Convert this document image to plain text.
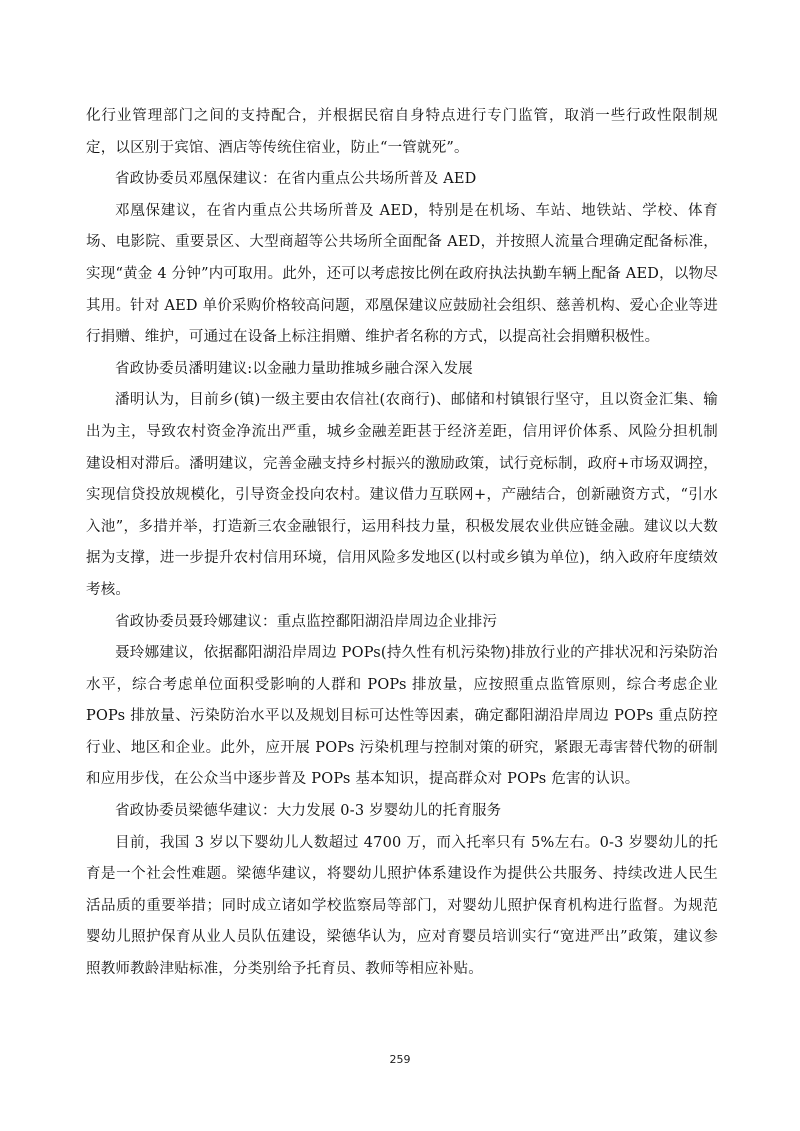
化行业管理部门之间的支持配合，并根据民宿自身特点进行专门监管，取消一些行政性限制规定，以区别于宾馆、酒店等传统住宿业，防止“一管就死”。

省政协委员邓凰保建议：在省内重点公共场所普及 AED

邓凰保建议，在省内重点公共场所普及 AED，特别是在机场、车站、地铁站、学校、体育场、电影院、重要景区、大型商超等公共场所全面配备 AED，并按照人流量合理确定配备标准，实现“黄金 4 分钟”内可取用。此外，还可以考虑按比例在政府执法执勤车辆上配备 AED，以物尽其用。针对 AED 单价采购价格较高问题，邓凰保建议应鼓励社会组织、慈善机构、爱心企业等进行捐赠、维护，可通过在设备上标注捐赠、维护者名称的方式，以提高社会捐赠积极性。

省政协委员潘明建议:以金融力量助推城乡融合深入发展

潘明认为，目前乡(镇)一级主要由农信社(农商行)、邮储和村镇银行坚守，且以资金汇集、输出为主，导致农村资金净流出严重，城乡金融差距甚于经济差距，信用评价体系、风险分担机制建设相对滞后。潘明建议，完善金融支持乡村振兴的激励政策，试行竞标制，政府+市场双调控，实现信贷投放规模化，引导资金投向农村。建议借力互联网+，产融结合，创新融资方式，“引水入池”，多措并举，打造新三农金融银行，运用科技力量，积极发展农业供应链金融。建议以大数据为支撑，进一步提升农村信用环境，信用风险多发地区(以村或乡镇为单位)，纳入政府年度绩效考核。

省政协委员聂玲娜建议：重点监控鄱阳湖沿岸周边企业排污

聂玲娜建议，依据鄱阳湖沿岸周边 POPs(持久性有机污染物)排放行业的产排状况和污染防治水平，综合考虑单位面积受影响的人群和 POPs 排放量，应按照重点监管原则，综合考虑企业 POPs 排放量、污染防治水平以及规划目标可达性等因素，确定鄱阳湖沿岸周边 POPs 重点防控行业、地区和企业。此外，应开展 POPs 污染机理与控制对策的研究，紧跟无毒害替代物的研制和应用步伐，在公众当中逐步普及 POPs 基本知识，提高群众对 POPs 危害的认识。

省政协委员梁德华建议：大力发展 0-3 岁婴幼儿的托育服务

目前，我国 3 岁以下婴幼儿人数超过 4700 万，而入托率只有 5%左右。0-3 岁婴幼儿的托育是一个社会性难题。梁德华建议，将婴幼儿照护体系建设作为提供公共服务、持续改进人民生活品质的重要举措；同时成立诸如学校监察局等部门，对婴幼儿照护保育机构进行监督。为规范婴幼儿照护保育从业人员队伍建设，梁德华认为，应对育婴员培训实行“宽进严出”政策，建议参照教师教龄津贴标准，分类别给予托育员、教师等相应补贴。

259
